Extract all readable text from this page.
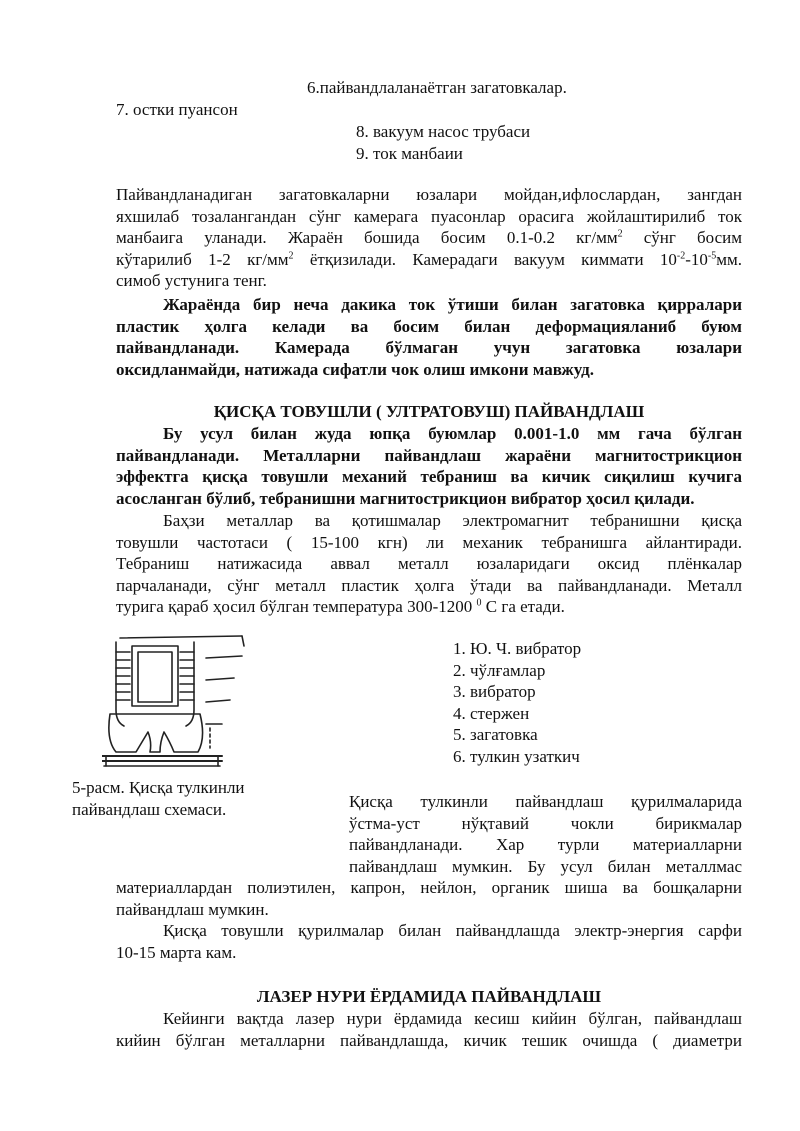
6.пайвандлаланаётган загатовкалар.
7. остки пуансон
8. вакуум насос трубаси
9. ток манбаии
Пайвандланадиган загатовкаларни юзалари мойдан,ифлослардан, зангдан
яхшилаб тозалангандан сўнг камерага пуасонлар орасига жойлаштирилиб ток
манбаига уланади. Жараён бошида босим 0.1-0.2 $кг/мм^2$ сўнг босим
кўтарилиб 1-2 $кг/мм^2$ ётқизилади. Камерадаги вакуум киммати $10^{-2}-10^{-5}мм$.
симоб устунига тенг.
Жараёнда бир неча дакика ток ўтиши билан загатовка қирралари
пластик ҳолга келади ва босим билан деформацияланиб буюм
пайвандланади. Камерада бўлмаган учун загатовка юзалари
оксидланмайди, натижада сифатли чок олиш имкони мавжуд.
ҚИСҚА ТОВУШЛИ ( УЛТРАТОВУШ) ПАЙВАНДЛАШ
Бу усул билан жуда юпқа буюмлар 0.001-1.0 мм гача бўлган
пайвандланади. Металларни пайвандлаш жараёни магнитострикцион
эффектга қисқа товушли механий тебраниш ва кичик сиқилиш кучига
асосланган бўлиб, тебранишни магнитострикцион вибратор ҳосил қилади.
Баҳзи металлар ва қотишмалар электромагнит тебранишни қисқа
товушли частотаси ( 15-100 кгн) ли механик тебранишга айлантиради.
Тебраниш натижасида аввал металл юзаларидаги оксид плёнкалар
парчаланади, сўнг металл пластик ҳолга ўтади ва пайвандланади. Металл
турига қараб ҳосил бўлган температура 300-1200 $^0$ С га етади.
1. Ю. Ч. вибратор
2. чўлғамлар
3. вибратор
4. стержен
5. загатовка
6. тулкин узаткич
5-расм. Қисқа тулкинли
пайвандлаш схемаси.	Қисқа тулкинли пайвандлаш қурилмаларида
ўстма-уст нўқтавий чокли бирикмалар
пайвандланади. Хар турли материалларни
пайвандлаш мумкин. Бу усул билан металлмас
материаллардан полиэтилен, капрон, нейлон, органик шиша ва бошқаларни
пайвандлаш мумкин.
Қисқа товушли қурилмалар билан пайвандлашда электр-энергия сарфи
10-15 марта кам.
ЛАЗЕР НУРИ ЁРДАМИДА ПАЙВАНДЛАШ
Кейинги вақтда лазер нури ёрдамида кесиш кийин бўлган, пайвандлаш
кийин бўлган металларни пайвандлашда, кичик тешик очишда ( диаметри
